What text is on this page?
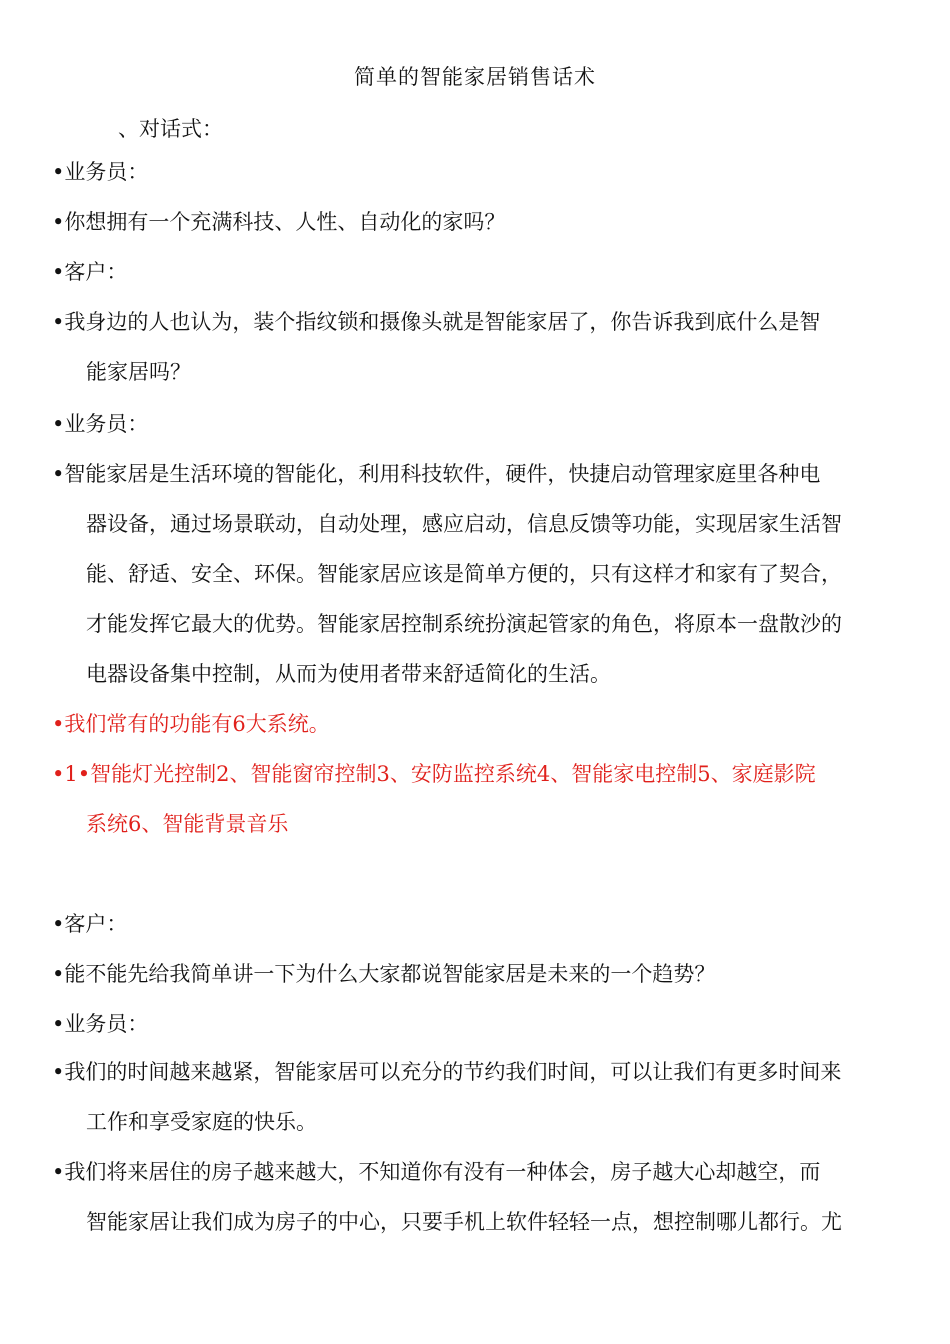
简单的智能家居销售话术
、对话式：
•业务员：
•你想拥有一个充满科技、人性、自动化的家吗？
•客户：
•我身边的人也认为，装个指纹锁和摄像头就是智能家居了，你告诉我到底什么是智
能家居吗？
•业务员：
•智能家居是生活环境的智能化，利用科技软件，硬件，快捷启动管理家庭里各种电
器设备，通过场景联动，自动处理，感应启动，信息反馈等功能，实现居家生活智
能、舒适、安全、环保。智能家居应该是简单方便的，只有这样才和家有了契合，
才能发挥它最大的优势。智能家居控制系统扮演起管家的角色，将原本一盘散沙的
电器设备集中控制，从而为使用者带来舒适简化的生活。
•我们常有的功能有6大系统。
•1•智能灯光控制2、智能窗帘控制3、安防监控系统4、智能家电控制5、家庭影院
系统6、智能背景音乐
•客户：
•能不能先给我简单讲一下为什么大家都说智能家居是未来的一个趋势？
•业务员：
•我们的时间越来越紧，智能家居可以充分的节约我们时间，可以让我们有更多时间来
工作和享受家庭的快乐。
•我们将来居住的房子越来越大，不知道你有没有一种体会，房子越大心却越空，而
智能家居让我们成为房子的中心，只要手机上软件轻轻一点，想控制哪儿都行。尤
